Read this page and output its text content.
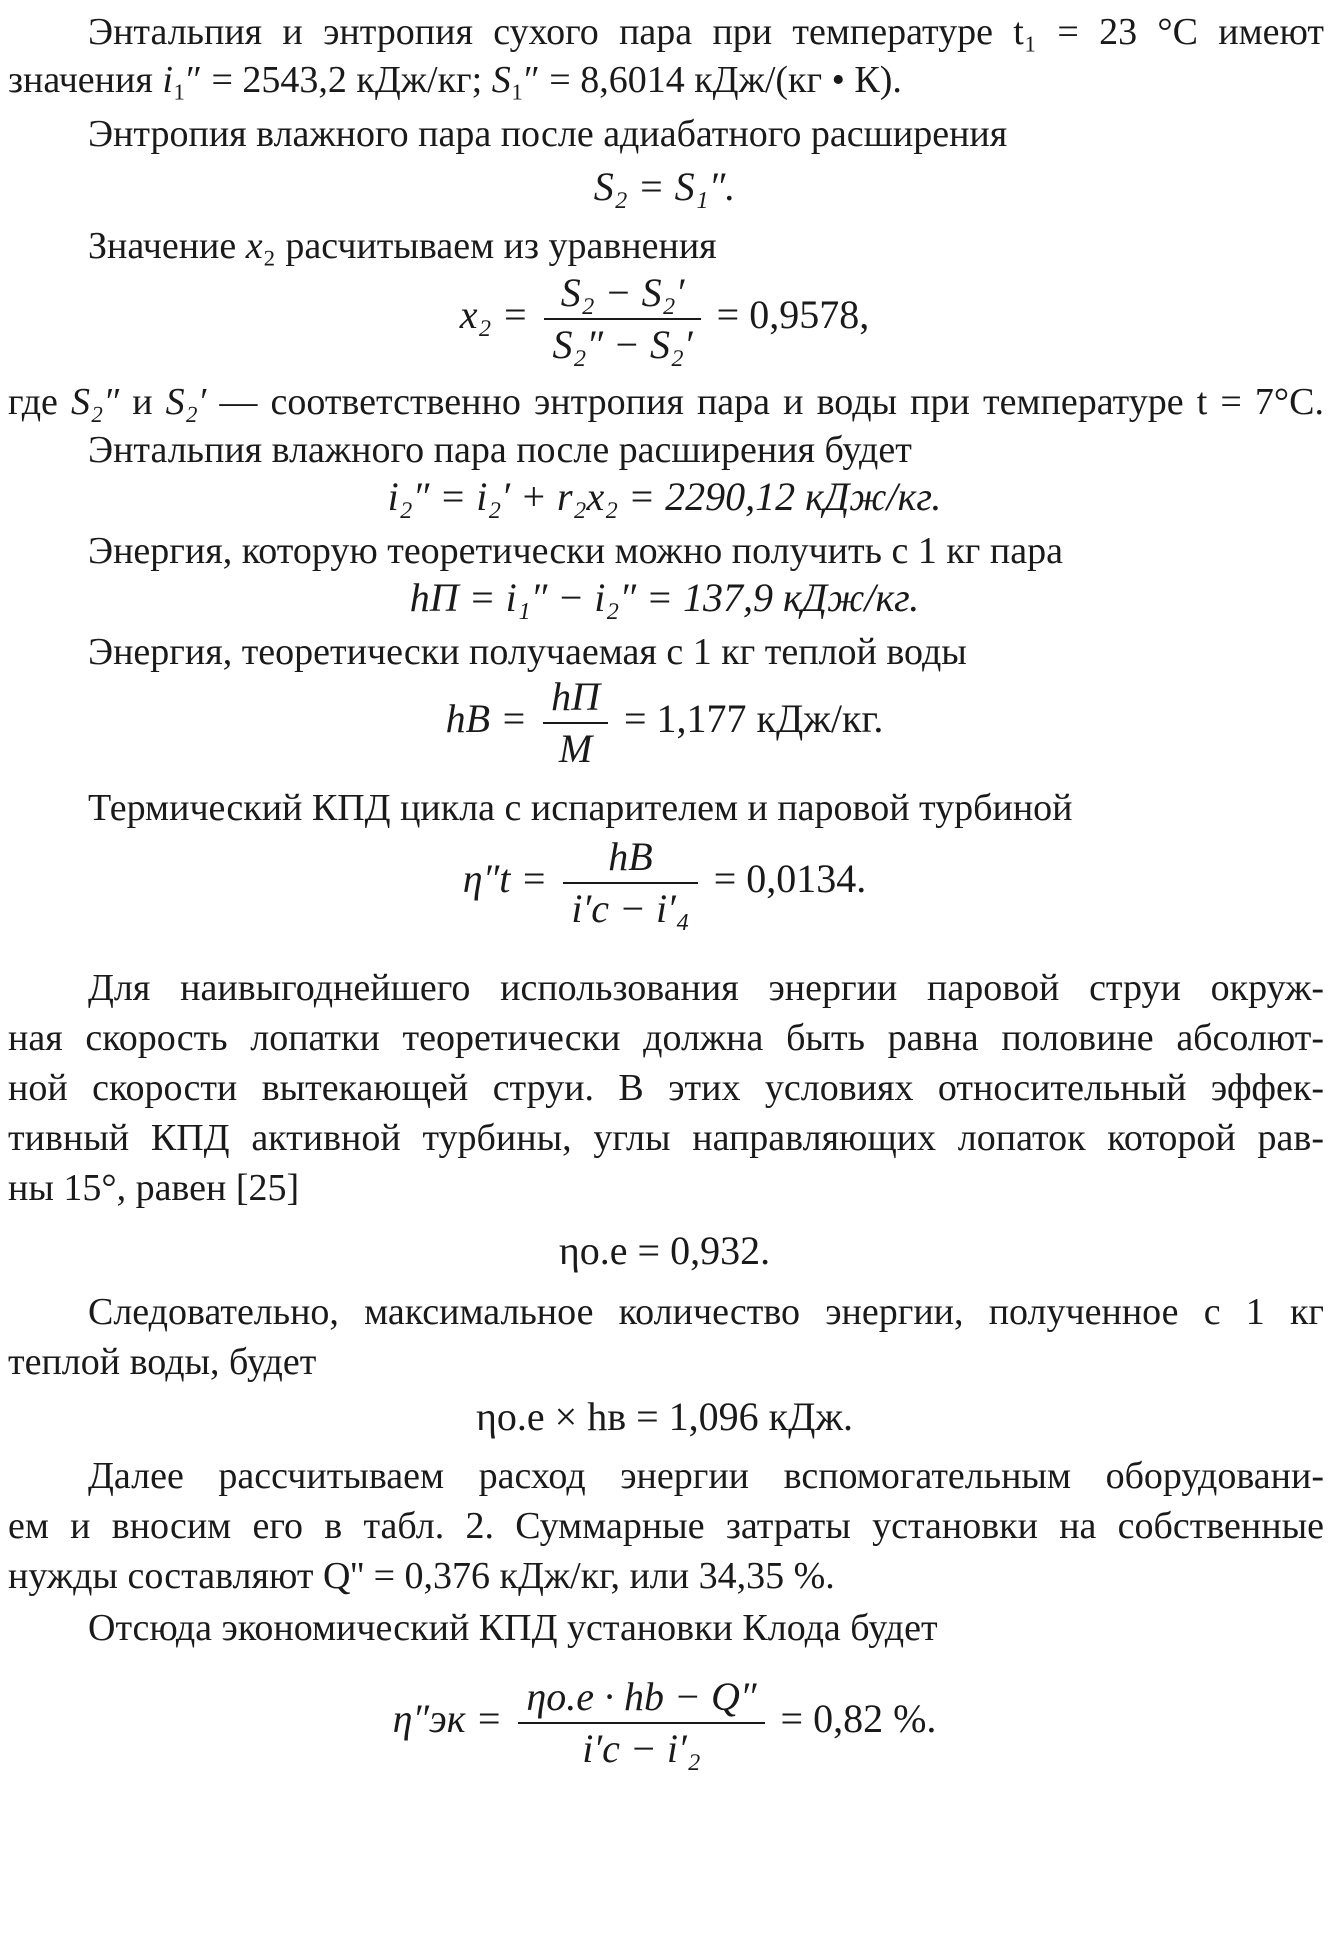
Энтальпия и энтропия сухого пара при температуре t₁ = 23 °C имеют
значения i₁″ = 2543,2 кДж/кг; S₁″ = 8,6014 кДж/(кг • К).
Энтропия влажного пара после адиабатного расширения
S₂ = S₁″.
Значение x₂ расчитываем из уравнения
$x_2 = \frac{\text{S₂ − S₂′}}{\text{S₂″ − S₂′}} = 0,9578$,
где S₂″ и S₂′ — соответственно энтропия пара и воды при температуре t = 7°C.
Энтальпия влажного пара после расширения будет
i₂″ = i₂′ + r₂x₂ = 2290,12 кДж/кг.
Энергия, которую теоретически можно получить с 1 кг пара
hП = i₁″ − i₂″ = 137,9 кДж/кг.
Энергия, теоретически получаемая с 1 кг теплой воды
hВ = $\frac{hП}{M} = 1,177$ кДж/кг.
Термический КПД цикла с испарителем и паровой турбиной
$\eta''t = \frac{hВ}{\text{i′c − i′₄}} = 0,0134$.
Для наивыгоднейшего использования энергии паровой струи окруж-
ная скорость лопатки теоретически должна быть равна половине абсолют-
ной скорости вытекающей струи. В этих условиях относительный эффек-
тивный КПД активной турбины, углы направляющих лопаток которой рав-
ны 15°, равен [25]
ηо.е = 0,932.
Следовательно, максимальное количество энергии, полученное с 1 кг
теплой воды, будет
ηо.е × hв = 1,096 кДж.
Далее рассчитываем расход энергии вспомогательным оборудовани-
ем и вносим его в табл. 2. Суммарные затраты установки на собственные
нужды составляют Q'' = 0,376 кДж/кг, или 34,35 %.
Отсюда экономический КПД установки Клода будет
$\eta''эк = \frac{\eta о.е \cdot hb - Q''}{\text{i′c − i′₂}} = 0,82$ %.
